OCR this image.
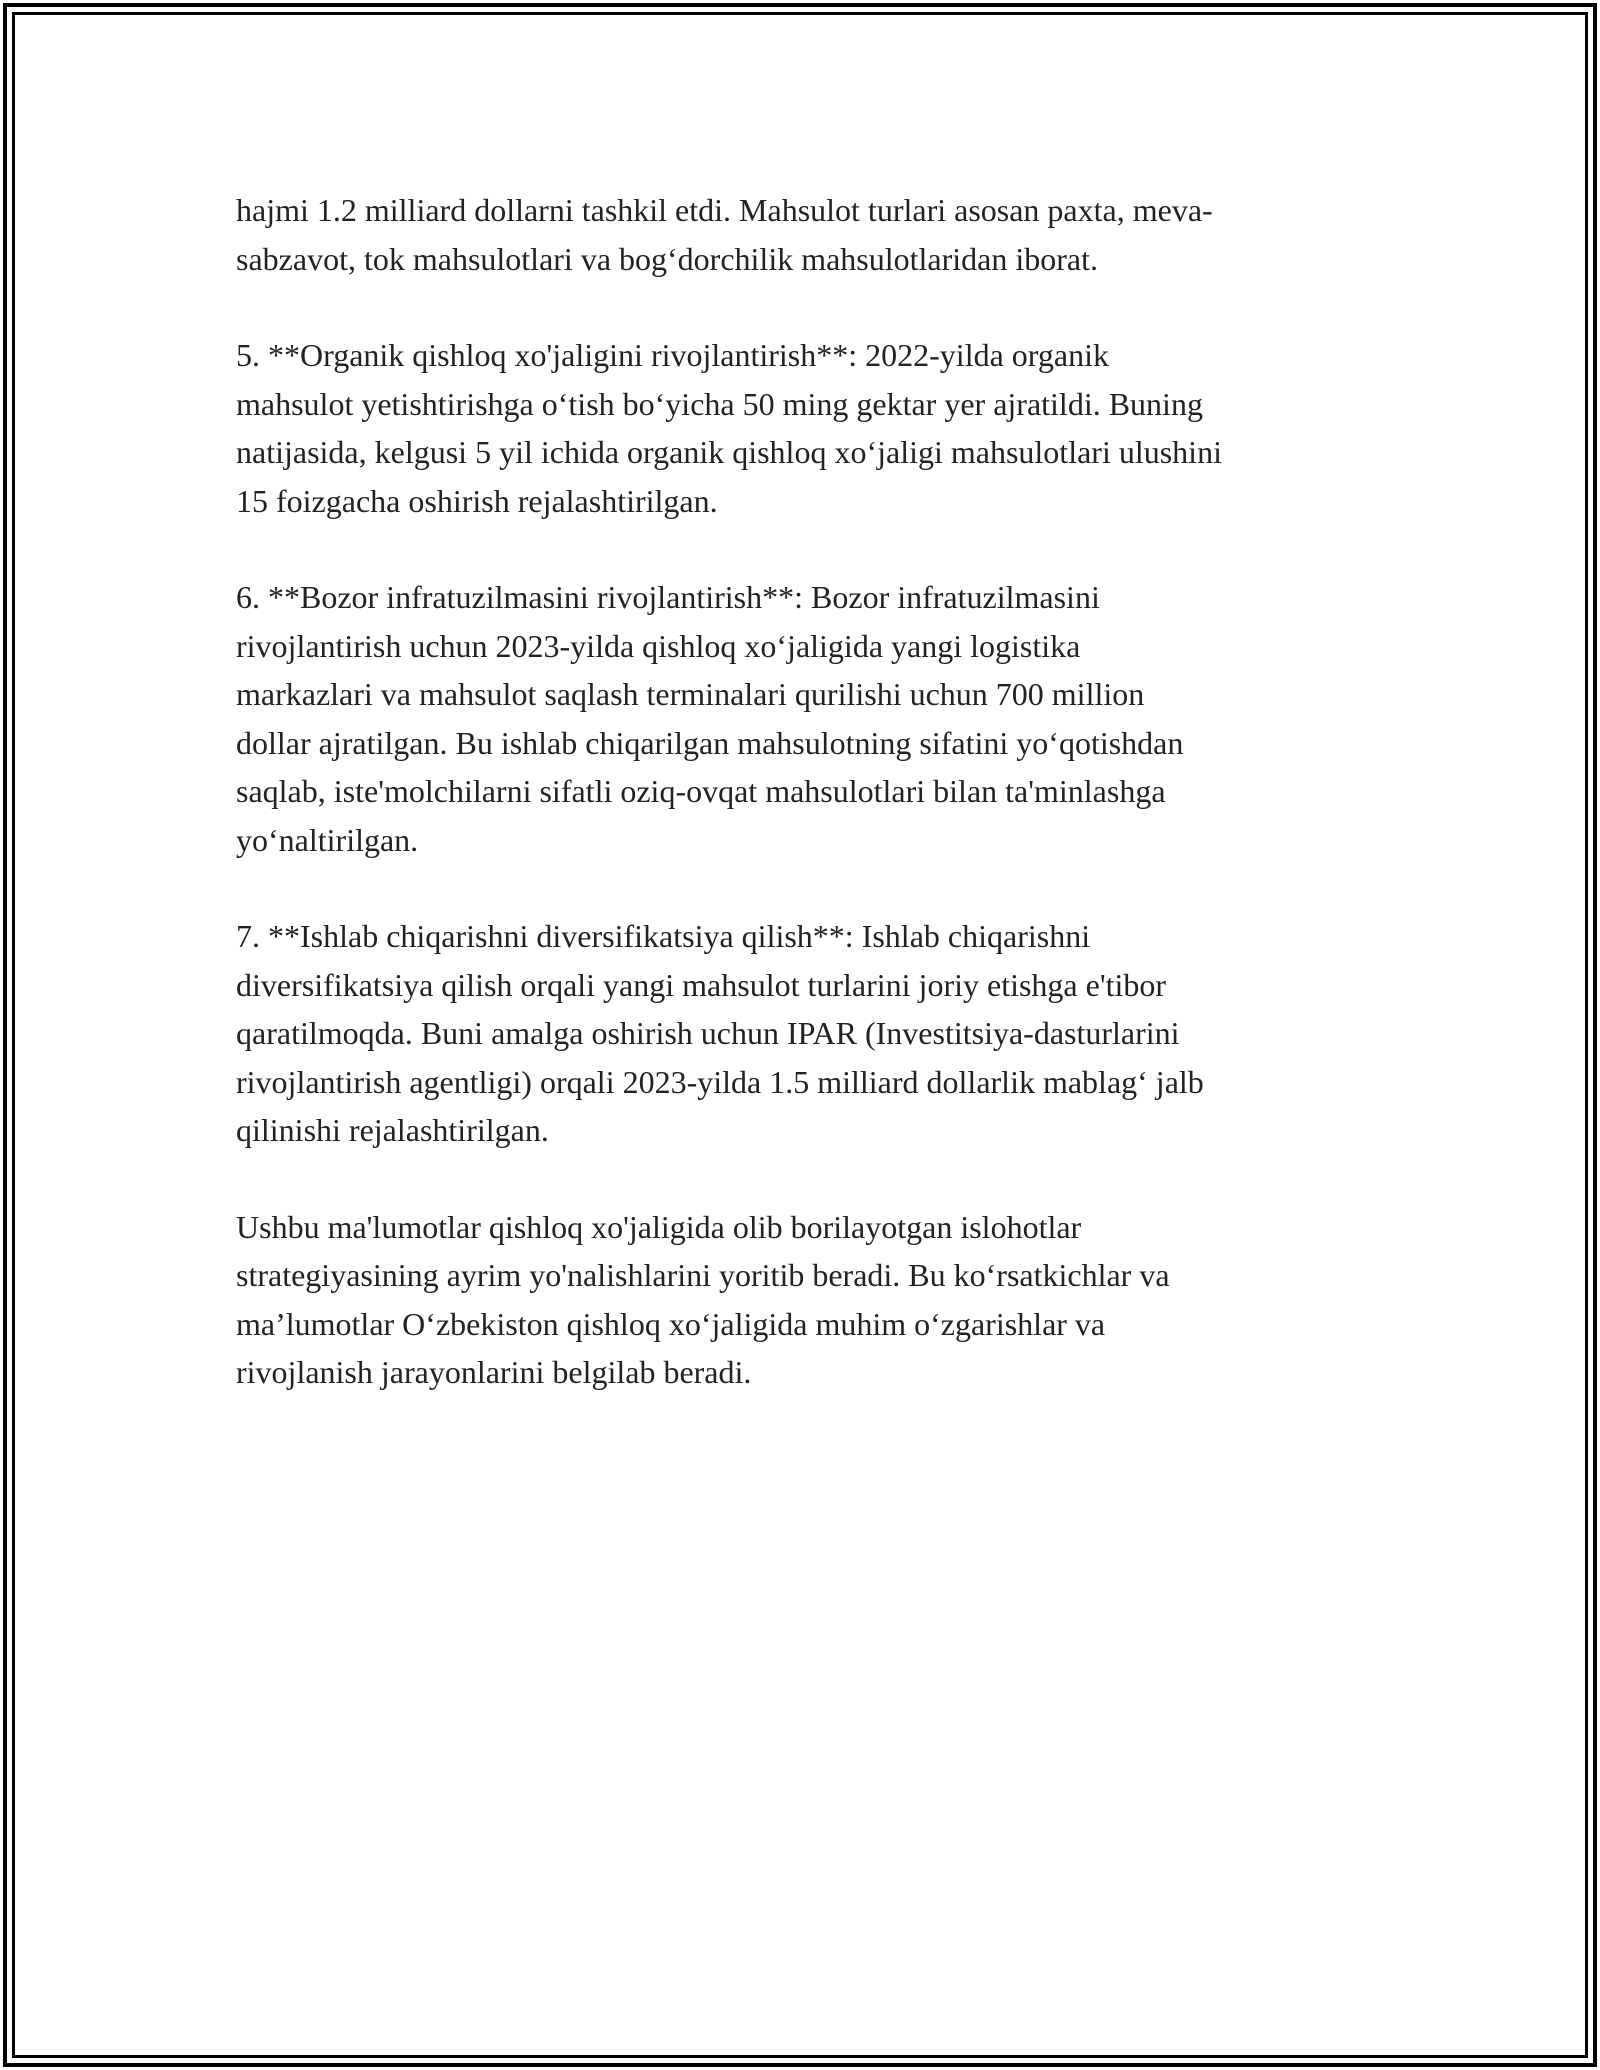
hajmi 1.2 milliard dollarni tashkil etdi. Mahsulot turlari asosan paxta, meva-
sabzavot, tok mahsulotlari va bog‘dorchilik mahsulotlaridan iborat.

5. **Organik qishloq xo'jaligini rivojlantirish**: 2022-yilda organik
mahsulot yetishtirishga o‘tish bo‘yicha 50 ming gektar yer ajratildi. Buning
natijasida, kelgusi 5 yil ichida organik qishloq xo‘jaligi mahsulotlari ulushini
15 foizgacha oshirish rejalashtirilgan.

6. **Bozor infratuzilmasini rivojlantirish**: Bozor infratuzilmasini
rivojlantirish uchun 2023-yilda qishloq xo‘jaligida yangi logistika
markazlari va mahsulot saqlash terminalari qurilishi uchun 700 million
dollar ajratilgan. Bu ishlab chiqarilgan mahsulotning sifatini yo‘qotishdan
saqlab, iste'molchilarni sifatli oziq-ovqat mahsulotlari bilan ta'minlashga
yo‘naltirilgan.

7. **Ishlab chiqarishni diversifikatsiya qilish**: Ishlab chiqarishni
diversifikatsiya qilish orqali yangi mahsulot turlarini joriy etishga e'tibor
qaratilmoqda. Buni amalga oshirish uchun IPAR (Investitsiya-dasturlarini
rivojlantirish agentligi) orqali 2023-yilda 1.5 milliard dollarlik mablag‘ jalb
qilinishi rejalashtirilgan.

Ushbu ma'lumotlar qishloq xo'jaligida olib borilayotgan islohotlar
strategiyasining ayrim yo'nalishlarini yoritib beradi. Bu ko‘rsatkichlar va
ma’lumotlar O‘zbekiston qishloq xo‘jaligida muhim o‘zgarishlar va
rivojlanish jarayonlarini belgilab beradi.
